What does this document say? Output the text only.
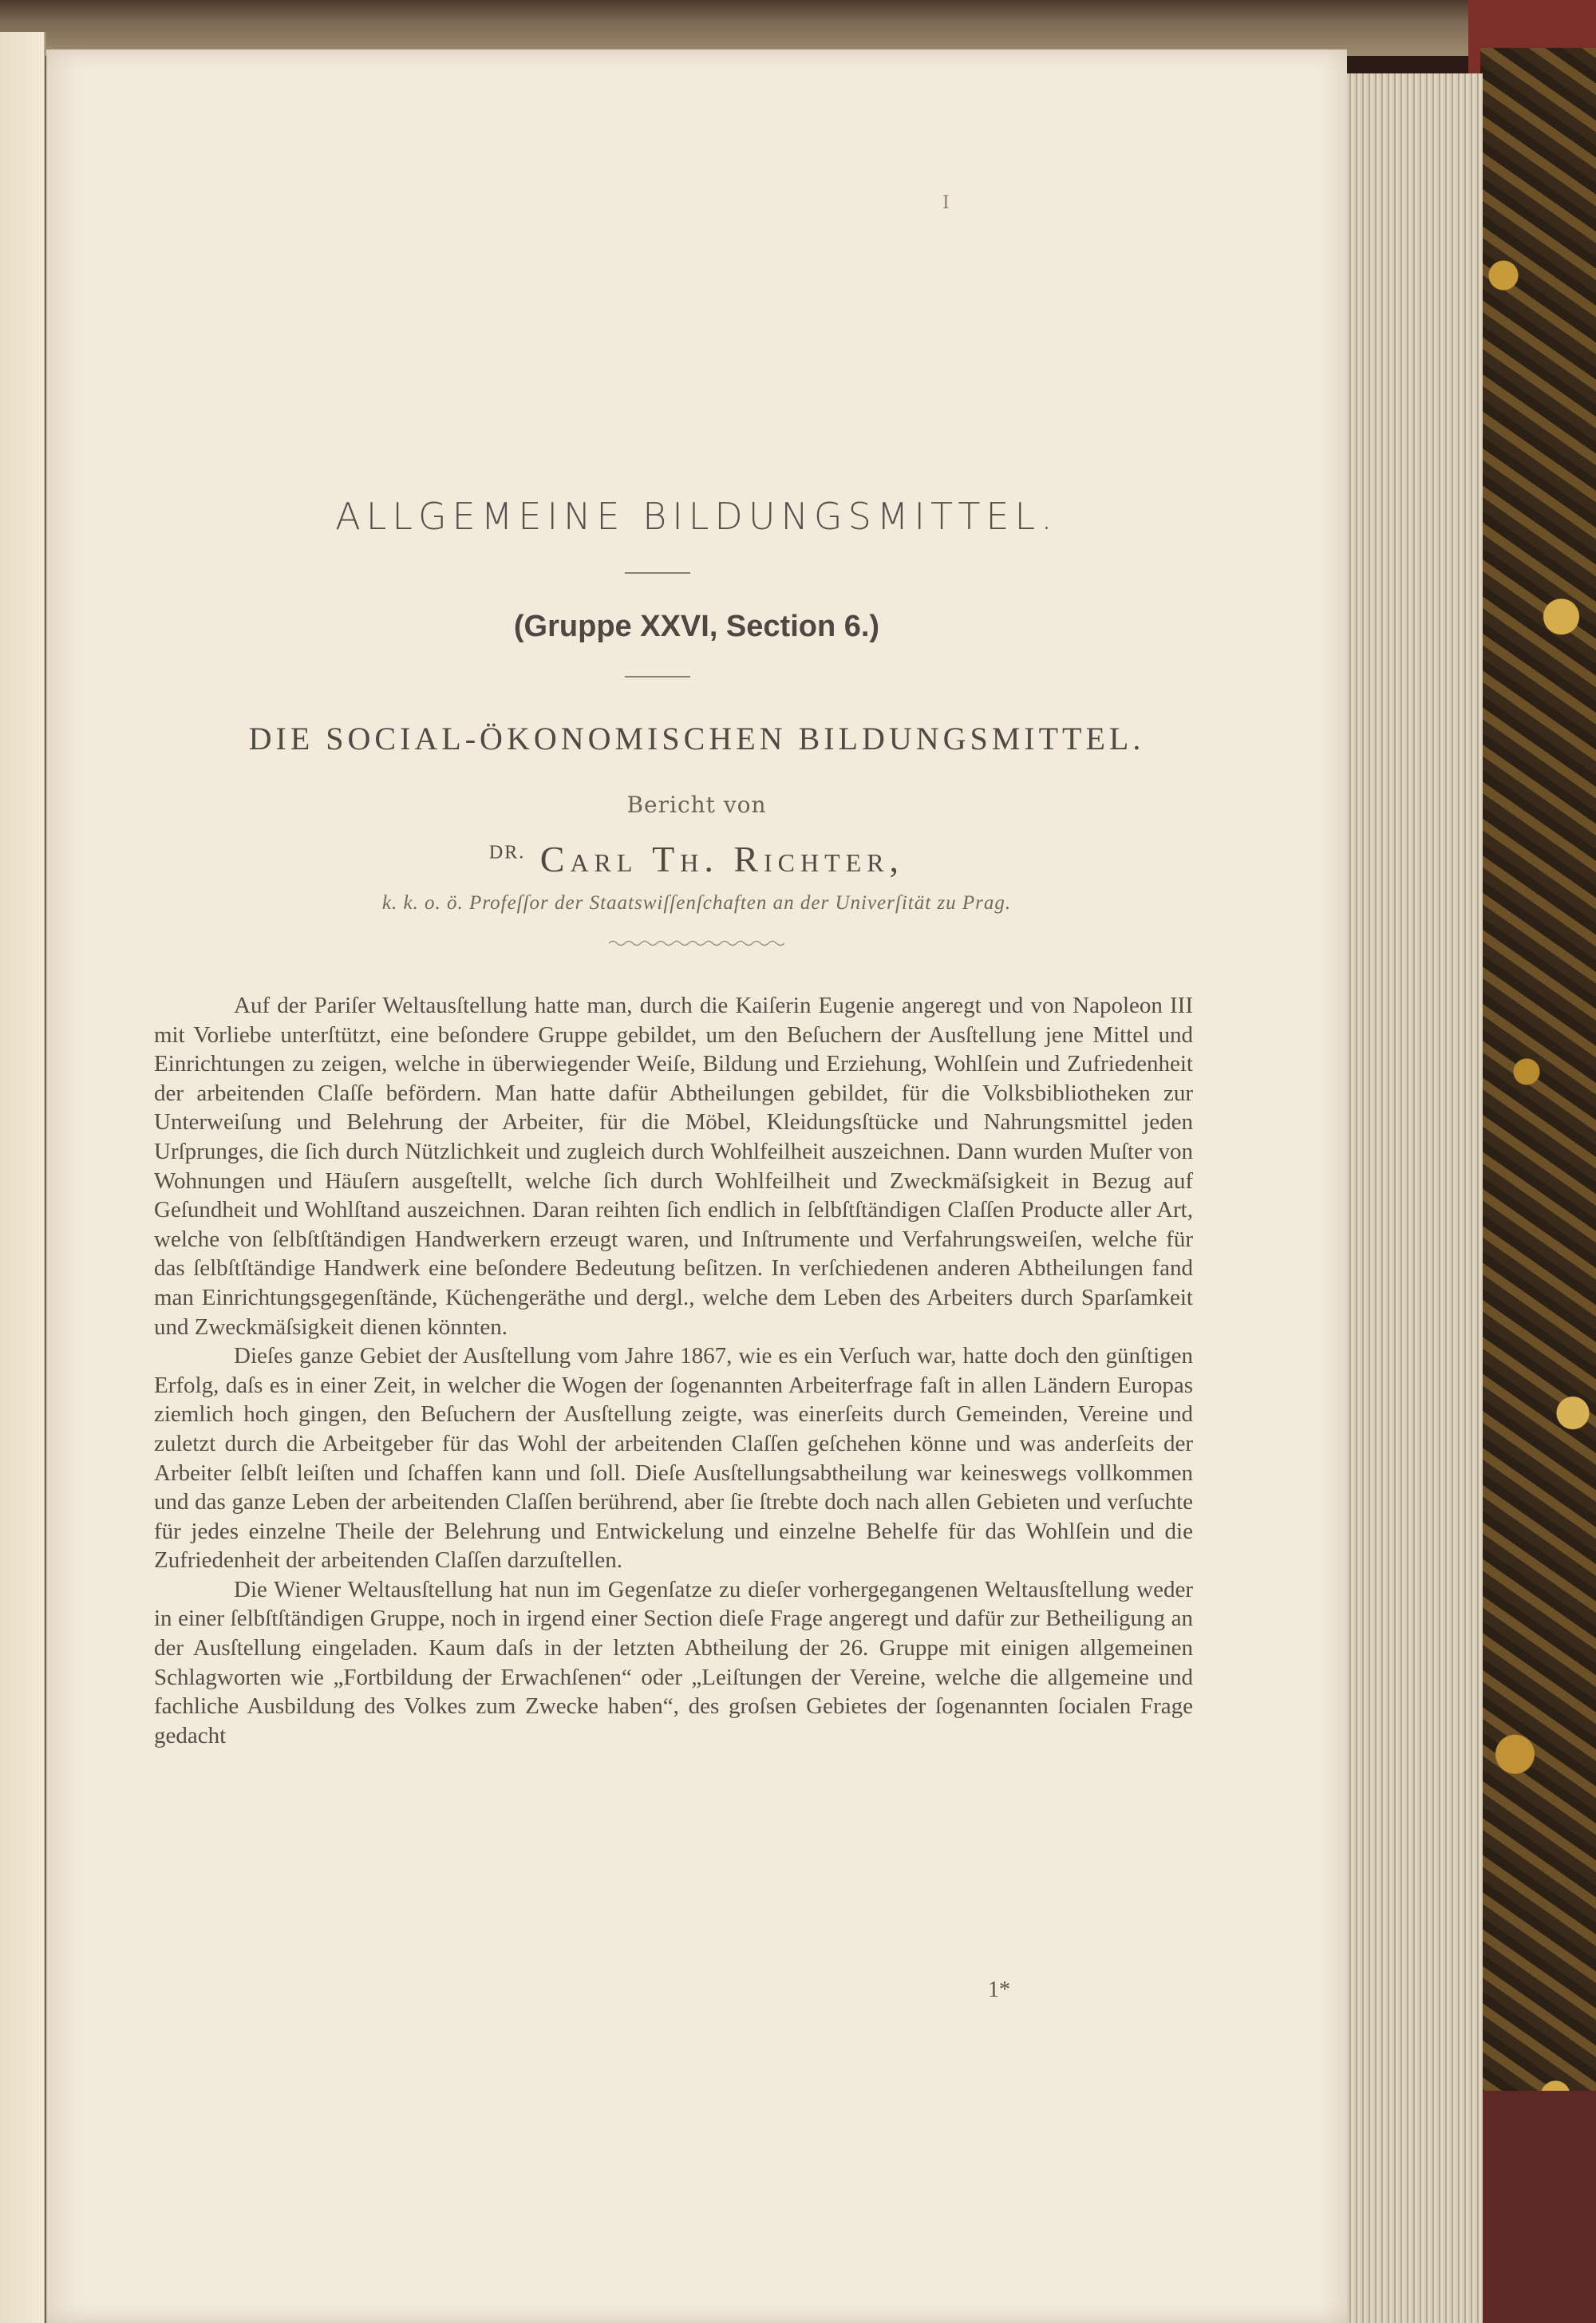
I
ALLGEMEINE BILDUNGSMITTEL.
(Gruppe XXVI, Section 6.)
DIE SOCIAL-ÖKONOMISCHEN BILDUNGSMITTEL.
Bericht von
$^{DR.}$ Carl Th. Richter,
k. k. o. ö. Profeſſor der Staatswiſſenſchaften an der Univerſität zu Prag.

Auf der Pariſer Weltausſtellung hatte man, durch die Kaiſerin Eugenie angeregt und von Napoleon III mit Vorliebe unterſtützt, eine beſondere Gruppe gebildet, um den Beſuchern der Ausſtellung jene Mittel und Einrichtungen zu zeigen, welche in überwiegender Weiſe, Bildung und Erziehung, Wohlſein und Zufriedenheit der arbeitenden Claſſe befördern. Man hatte dafür Abtheilungen gebildet, für die Volksbibliotheken zur Unterweiſung und Belehrung der Arbeiter, für die Möbel, Kleidungsſtücke und Nahrungsmittel jeden Urſprunges, die ſich durch Nützlichkeit und zugleich durch Wohlfeilheit auszeichnen. Dann wurden Muſter von Wohnungen und Häuſern ausgeſtellt, welche ſich durch Wohlfeilheit und Zweckmäſsigkeit in Bezug auf Geſundheit und Wohlſtand auszeichnen. Daran reihten ſich endlich in ſelbſtſtändigen Claſſen Producte aller Art, welche von ſelbſtſtändigen Handwerkern erzeugt waren, und Inſtrumente und Verfahrungsweiſen, welche für das ſelbſtſtändige Handwerk eine beſondere Bedeutung beſitzen. In verſchiedenen anderen Abtheilungen fand man Einrichtungsgegenſtände, Küchengeräthe und dergl., welche dem Leben des Arbeiters durch Sparſamkeit und Zweckmäſsigkeit dienen könnten.

Dieſes ganze Gebiet der Ausſtellung vom Jahre 1867, wie es ein Verſuch war, hatte doch den günſtigen Erfolg, daſs es in einer Zeit, in welcher die Wogen der ſogenannten Arbeiterfrage faſt in allen Ländern Europas ziemlich hoch gingen, den Beſuchern der Ausſtellung zeigte, was einerſeits durch Gemeinden, Vereine und zuletzt durch die Arbeitgeber für das Wohl der arbeitenden Claſſen geſchehen könne und was anderſeits der Arbeiter ſelbſt leiſten und ſchaffen kann und ſoll. Dieſe Ausſtellungsabtheilung war keineswegs vollkommen und das ganze Leben der arbeitenden Claſſen berührend, aber ſie ſtrebte doch nach allen Gebieten und verſuchte für jedes einzelne Theile der Belehrung und Entwickelung und einzelne Behelfe für das Wohlſein und die Zufriedenheit der arbeitenden Claſſen darzuſtellen.

Die Wiener Weltausſtellung hat nun im Gegenſatze zu dieſer vorhergegangenen Weltausſtellung weder in einer ſelbſtſtändigen Gruppe, noch in irgend einer Section dieſe Frage angeregt und dafür zur Betheiligung an der Ausſtellung eingeladen. Kaum daſs in der letzten Abtheilung der 26. Gruppe mit einigen allgemeinen Schlagworten wie „Fortbildung der Erwachſenen“ oder „Leiſtungen der Vereine, welche die allgemeine und fachliche Ausbildung des Volkes zum Zwecke haben“, des groſsen Gebietes der ſogenannten ſocialen Frage gedacht

1*
